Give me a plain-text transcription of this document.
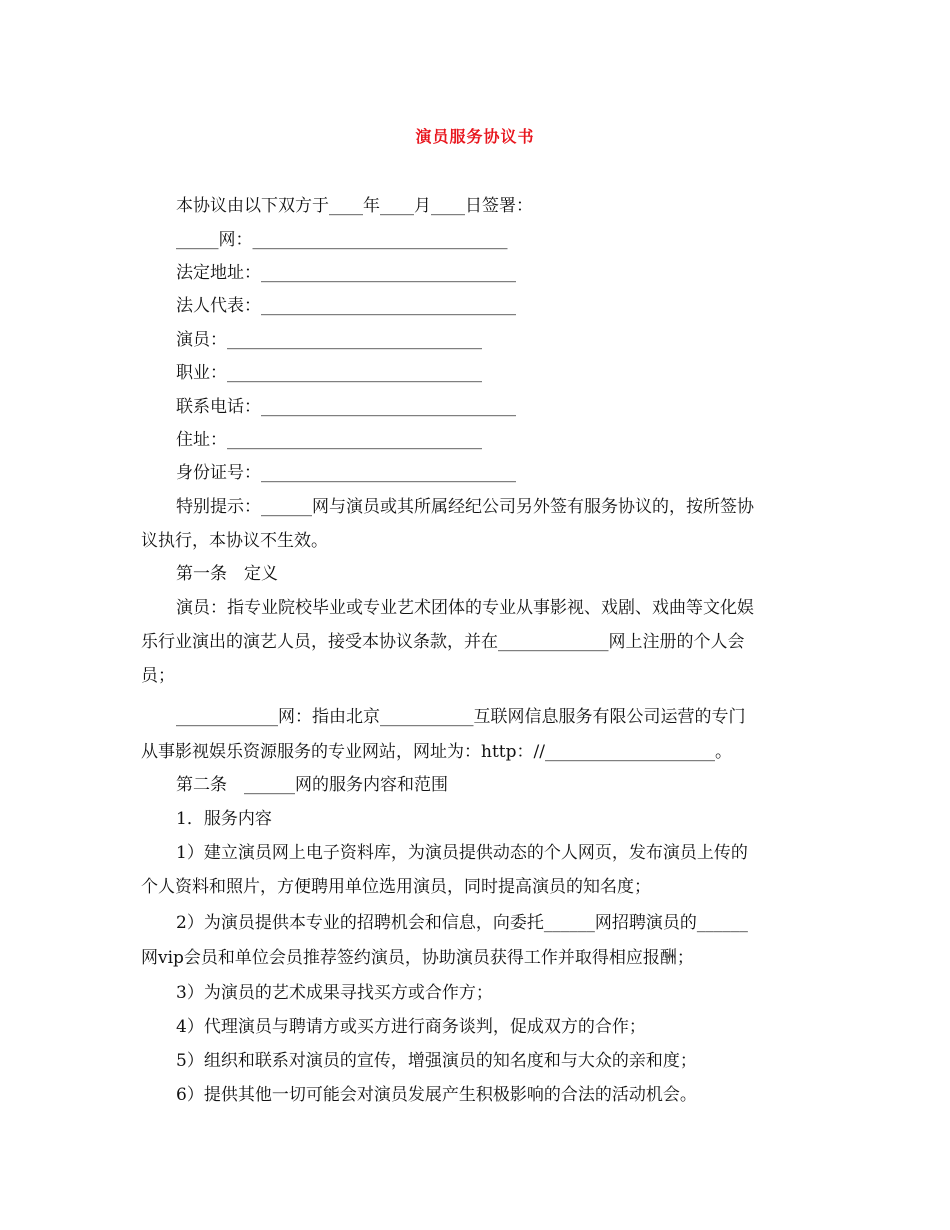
演员服务协议书
本协议由以下双方于____年____月____日签署：
_____网：______________________________
法定地址：______________________________
法人代表：______________________________
演员：______________________________
职业：______________________________
联系电话：______________________________
住址：______________________________
身份证号：______________________________
特别提示：______网与演员或其所属经纪公司另外签有服务协议的，按所签协
议执行，本协议不生效。
第一条　定义
演员：指专业院校毕业或专业艺术团体的专业从事影视、戏剧、戏曲等文化娱
乐行业演出的演艺人员，接受本协议条款，并在_____________网上注册的个人会
员；
____________网：指由北京___________互联网信息服务有限公司运营的专门
从事影视娱乐资源服务的专业网站，网址为：http：//____________________。
第二条　______网的服务内容和范围
1．服务内容
1）建立演员网上电子资料库，为演员提供动态的个人网页，发布演员上传的
个人资料和照片，方便聘用单位选用演员，同时提高演员的知名度；
2）为演员提供本专业的招聘机会和信息，向委托______网招聘演员的______
网vip会员和单位会员推荐签约演员，协助演员获得工作并取得相应报酬；
3）为演员的艺术成果寻找买方或合作方；
4）代理演员与聘请方或买方进行商务谈判，促成双方的合作；
5）组织和联系对演员的宣传，增强演员的知名度和与大众的亲和度；
6）提供其他一切可能会对演员发展产生积极影响的合法的活动机会。
